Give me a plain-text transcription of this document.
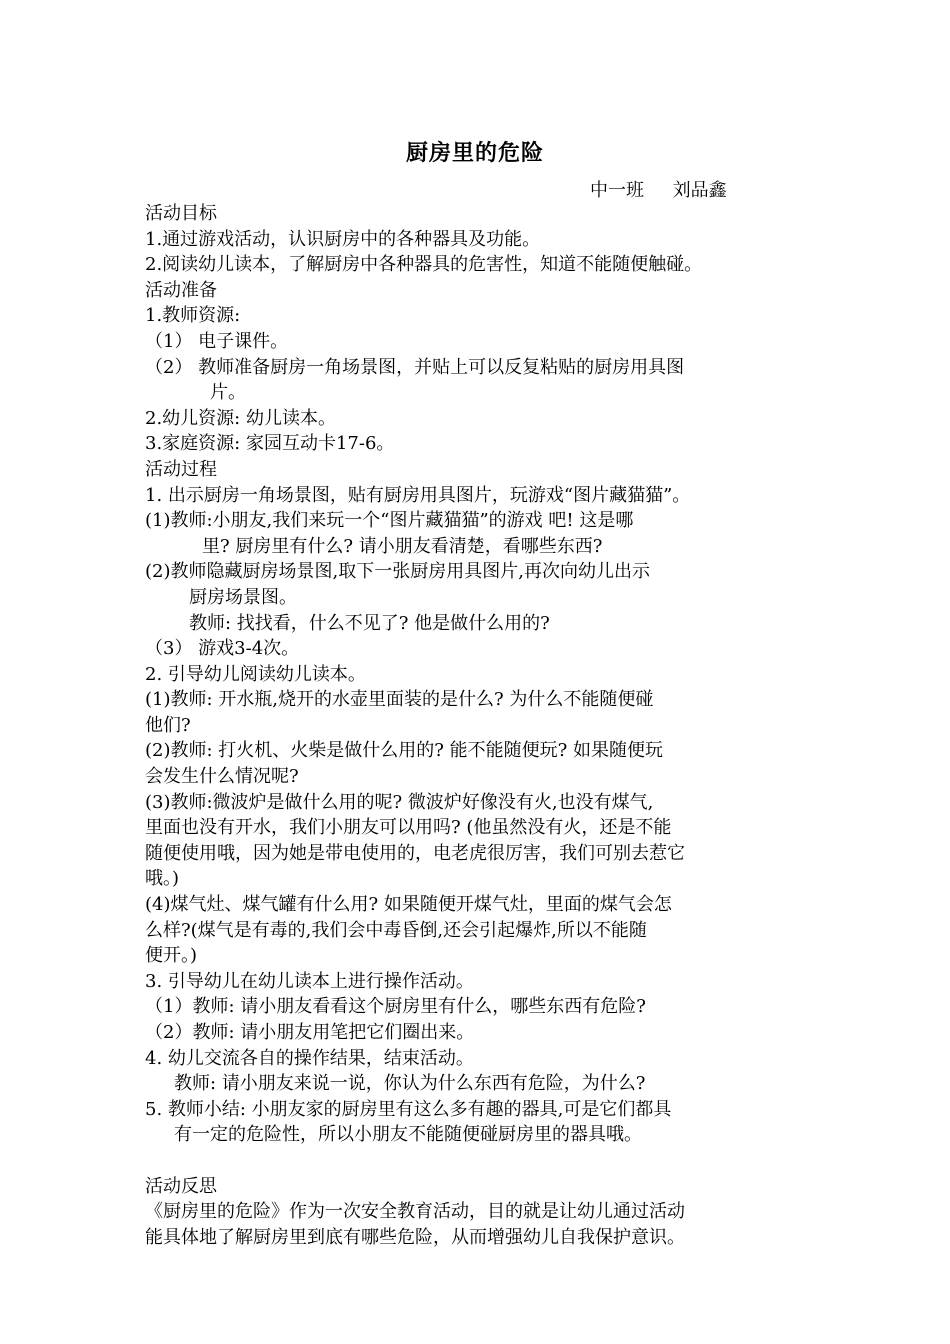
厨房里的危险
中一班     刘品鑫
活动目标
1.通过游戏活动，认识厨房中的各种器具及功能。
2.阅读幼儿读本，了解厨房中各种器具的危害性，知道不能随便触碰。
活动准备
1.教师资源:
（1） 电子课件。
（2） 教师准备厨房一角场景图，并贴上可以反复粘贴的厨房用具图
片。
2.幼儿资源: 幼儿读本。
3.家庭资源: 家园互动卡17-6。
活动过程
1. 出示厨房一角场景图，贴有厨房用具图片，玩游戏“图片藏猫猫”。
(1)教师:小朋友,我们来玩一个“图片藏猫猫”的游戏 吧! 这是哪
里? 厨房里有什么? 请小朋友看清楚，看哪些东西?
(2)教师隐藏厨房场景图,取下一张厨房用具图片,再次向幼儿出示
厨房场景图。
教师: 找找看，什么不见了? 他是做什么用的?
（3） 游戏3-4次。
2. 引导幼儿阅读幼儿读本。
(1)教师: 开水瓶,烧开的水壶里面装的是什么? 为什么不能随便碰
他们?
(2)教师: 打火机、火柴是做什么用的? 能不能随便玩? 如果随便玩
会发生什么情况呢?
(3)教师:微波炉是做什么用的呢? 微波炉好像没有火,也没有煤气,
里面也没有开水，我们小朋友可以用吗? (他虽然没有火，还是不能
随便使用哦，因为她是带电使用的，电老虎很厉害，我们可别去惹它
哦。)
(4)煤气灶、煤气罐有什么用? 如果随便开煤气灶，里面的煤气会怎
么样?(煤气是有毒的,我们会中毒昏倒,还会引起爆炸,所以不能随
便开。)
3. 引导幼儿在幼儿读本上进行操作活动。
（1）教师: 请小朋友看看这个厨房里有什么，哪些东西有危险?
（2）教师: 请小朋友用笔把它们圈出来。
4. 幼儿交流各自的操作结果，结束活动。
教师: 请小朋友来说一说，你认为什么东西有危险，为什么?
5. 教师小结: 小朋友家的厨房里有这么多有趣的器具,可是它们都具
有一定的危险性，所以小朋友不能随便碰厨房里的器具哦。
活动反思
《厨房里的危险》作为一次安全教育活动，目的就是让幼儿通过活动
能具体地了解厨房里到底有哪些危险，从而增强幼儿自我保护意识。
